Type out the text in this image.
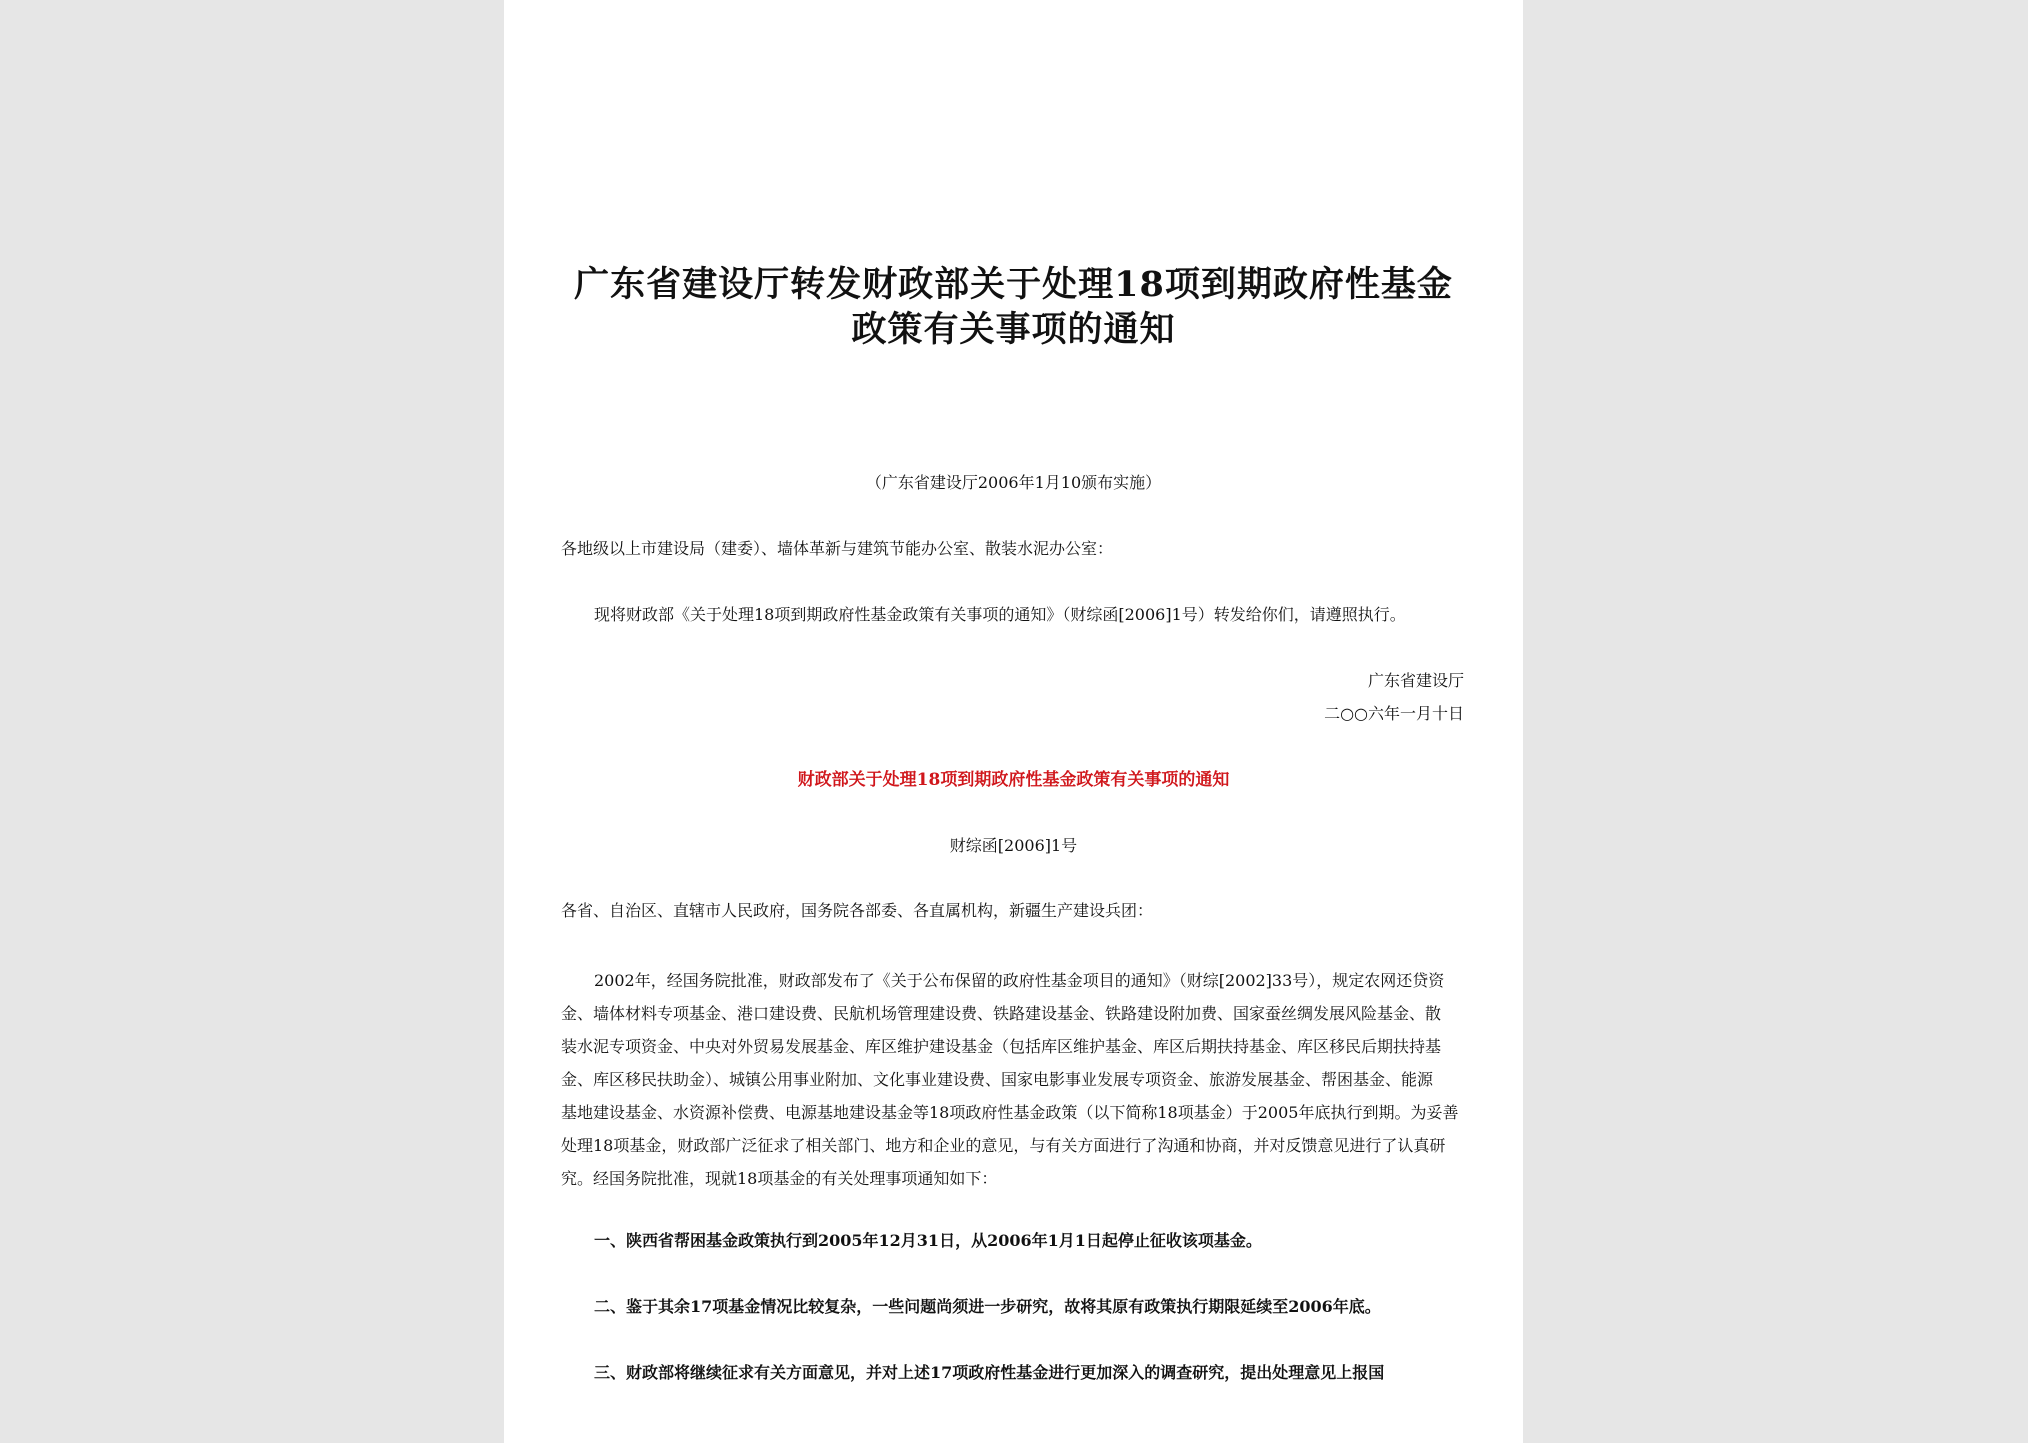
广东省建设厅转发财政部关于处理18项到期政府性基金
政策有关事项的通知
（广东省建设厅2006年1月10颁布实施）
各地级以上市建设局（建委）、墙体革新与建筑节能办公室、散装水泥办公室：
现将财政部《关于处理18项到期政府性基金政策有关事项的通知》（财综函[2006]1号）转发给你们，请遵照执行。
广东省建设厅
二○○六年一月十日
财政部关于处理18项到期政府性基金政策有关事项的通知
财综函[2006]1号
各省、自治区、直辖市人民政府，国务院各部委、各直属机构，新疆生产建设兵团：
2002年，经国务院批准，财政部发布了《关于公布保留的政府性基金项目的通知》（财综[2002]33号），规定农网还贷资
金、墙体材料专项基金、港口建设费、民航机场管理建设费、铁路建设基金、铁路建设附加费、国家蚕丝绸发展风险基金、散
装水泥专项资金、中央对外贸易发展基金、库区维护建设基金（包括库区维护基金、库区后期扶持基金、库区移民后期扶持基
金、库区移民扶助金）、城镇公用事业附加、文化事业建设费、国家电影事业发展专项资金、旅游发展基金、帮困基金、能源
基地建设基金、水资源补偿费、电源基地建设基金等18项政府性基金政策（以下简称18项基金）于2005年底执行到期。为妥善
处理18项基金，财政部广泛征求了相关部门、地方和企业的意见，与有关方面进行了沟通和协商，并对反馈意见进行了认真研
究。经国务院批准，现就18项基金的有关处理事项通知如下：
一、陕西省帮困基金政策执行到2005年12月31日，从2006年1月1日起停止征收该项基金。
二、鉴于其余17项基金情况比较复杂，一些问题尚须进一步研究，故将其原有政策执行期限延续至2006年底。
三、财政部将继续征求有关方面意见，并对上述17项政府性基金进行更加深入的调查研究，提出处理意见上报国
